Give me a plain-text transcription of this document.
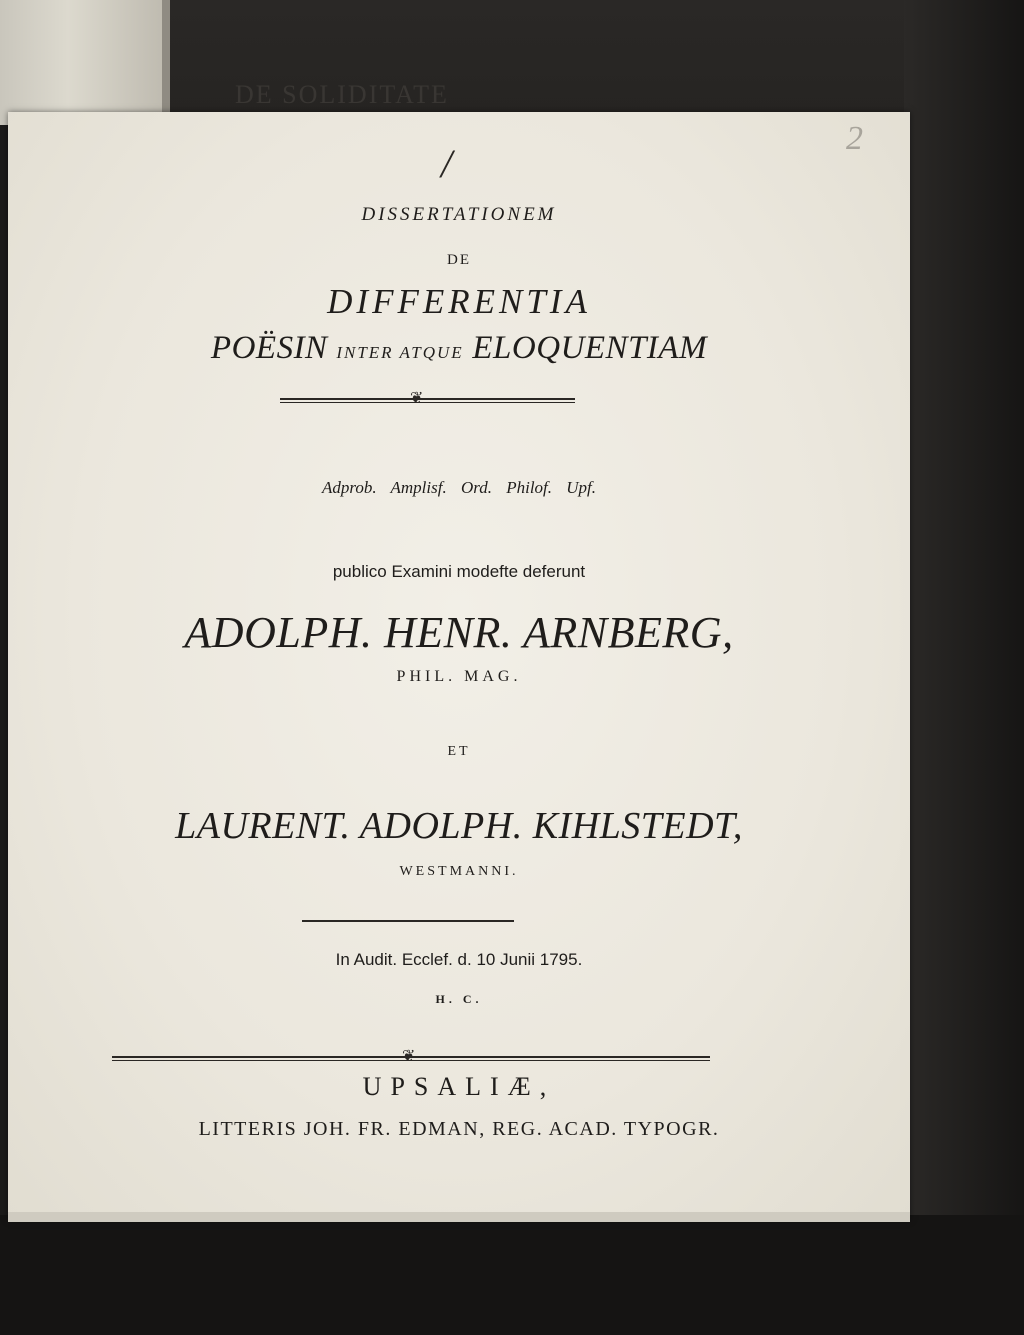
DE SOLIDITATE
2
/
DISSERTATIONEM
DE
DIFFERENTIA
POËSIN INTER ATQUE ELOQUENTIAM
❦
Adprob. Amplisf. Ord. Philof. Upf.
publico Examini modefte deferunt
ADOLPH. HENR. ARNBERG,
PHIL. MAG.
ET
LAURENT. ADOLPH. KIHLSTEDT,
WESTMANNI.
In Audit. Ecclef. d. 10 Junii 1795.
H. C.
❦
UPSALIÆ,
LITTERIS JOH. FR. EDMAN, REG. ACAD. TYPOGR.
